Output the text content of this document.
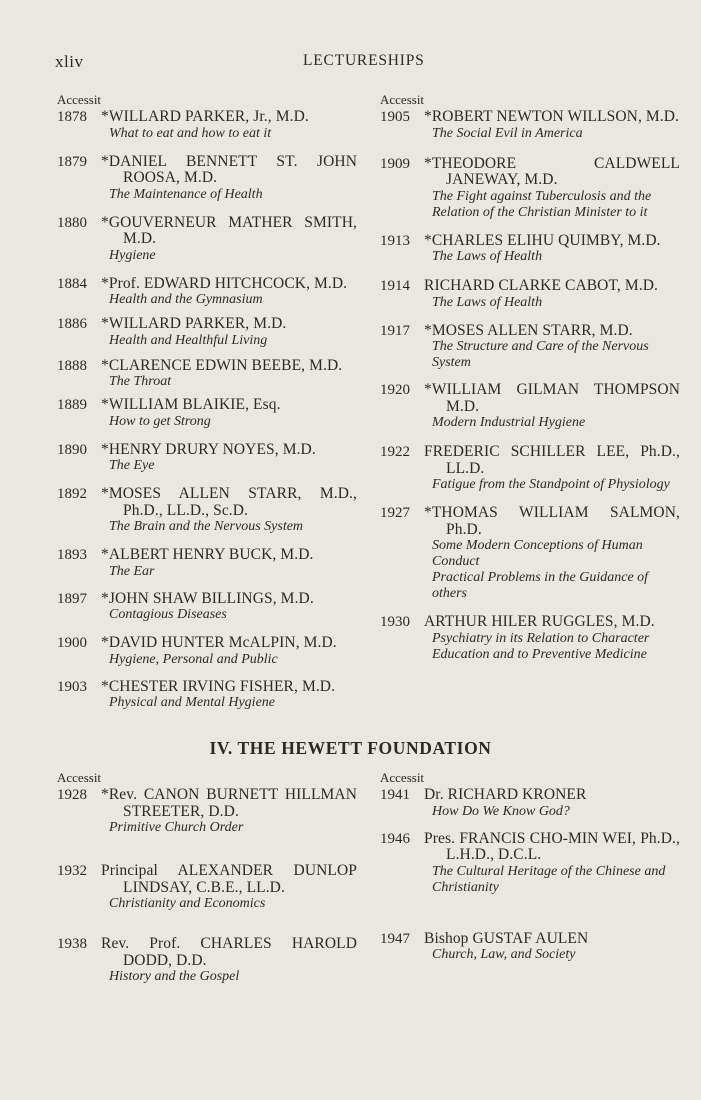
xliv	LECTURESHIPS
Accessit
1878 *WILLARD PARKER, Jr., M.D.
What to eat and how to eat it
1879 *DANIEL BENNETT ST. JOHN ROOSA, M.D.
The Maintenance of Health
1880 *GOUVERNEUR MATHER SMITH, M.D.
Hygiene
1884 *Prof. EDWARD HITCHCOCK, M.D.
Health and the Gymnasium
1886 *WILLARD PARKER, M.D.
Health and Healthful Living
1888 *CLARENCE EDWIN BEEBE, M.D.
The Throat
1889 *WILLIAM BLAIKIE, Esq.
How to get Strong
1890 *HENRY DRURY NOYES, M.D.
The Eye
1892 *MOSES ALLEN STARR, M.D., Ph.D., LL.D., Sc.D.
The Brain and the Nervous System
1893 *ALBERT HENRY BUCK, M.D.
The Ear
1897 *JOHN SHAW BILLINGS, M.D.
Contagious Diseases
1900 *DAVID HUNTER McALPIN, M.D.
Hygiene, Personal and Public
1903 *CHESTER IRVING FISHER, M.D.
Physical and Mental Hygiene
Accessit
1905 *ROBERT NEWTON WILLSON, M.D.
The Social Evil in America
1909 *THEODORE CALDWELL JANEWAY, M.D.
The Fight against Tuberculosis and the Relation of the Christian Minister to it
1913 *CHARLES ELIHU QUIMBY, M.D.
The Laws of Health
1914 RICHARD CLARKE CABOT, M.D.
The Laws of Health
1917 *MOSES ALLEN STARR, M.D.
The Structure and Care of the Nervous System
1920 *WILLIAM GILMAN THOMPSON M.D.
Modern Industrial Hygiene
1922 FREDERIC SCHILLER LEE, Ph.D., LL.D.
Fatigue from the Standpoint of Physiology
1927 *THOMAS WILLIAM SALMON, Ph.D.
Some Modern Conceptions of Human Conduct
Practical Problems in the Guidance of others
1930 ARTHUR HILER RUGGLES, M.D.
Psychiatry in its Relation to Character Education and to Preventive Medicine
IV. THE HEWETT FOUNDATION
Accessit
1928 *Rev. CANON BURNETT HILLMAN STREETER, D.D.
Primitive Church Order
1932 Principal ALEXANDER DUNLOP LINDSAY, C.B.E., LL.D.
Christianity and Economics
1938 Rev. Prof. CHARLES HAROLD DODD, D.D.
History and the Gospel
Accessit
1941 Dr. RICHARD KRONER
How Do We Know God?
1946 Pres. FRANCIS CHO-MIN WEI, Ph.D., L.H.D., D.C.L.
The Cultural Heritage of the Chinese and Christianity
1947 Bishop GUSTAF AULEN
Church, Law, and Society
